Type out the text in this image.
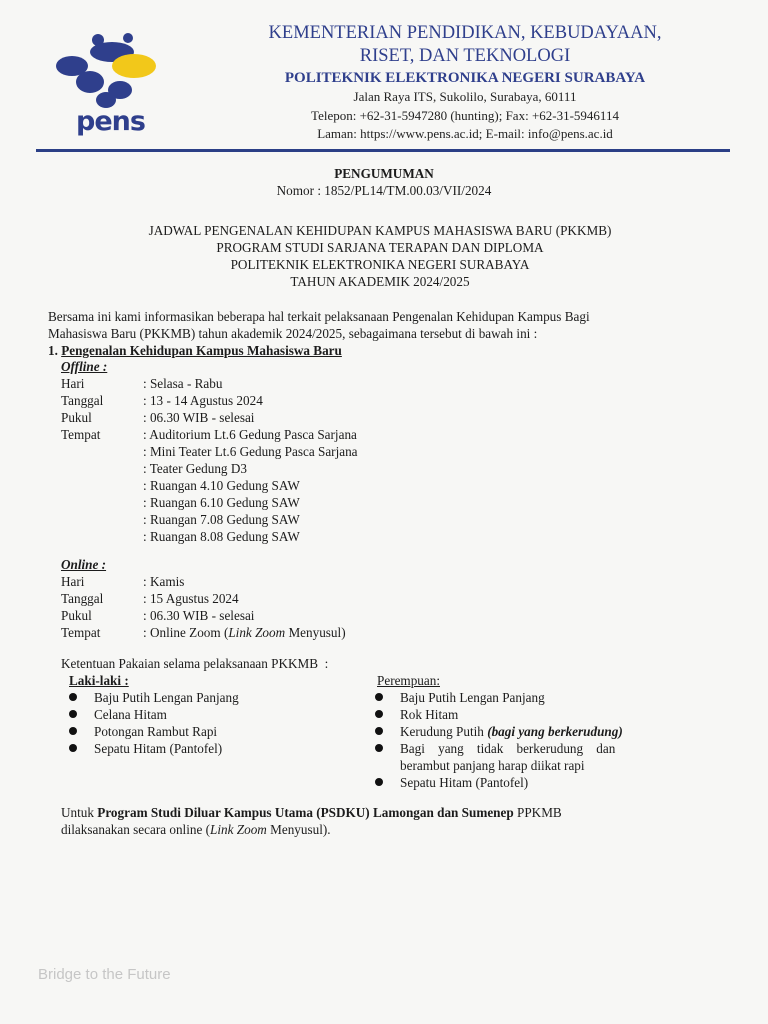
pens
KEMENTERIAN PENDIDIKAN, KEBUDAYAAN,
RISET, DAN TEKNOLOGI
POLITEKNIK ELEKTRONIKA NEGERI SURABAYA
Jalan Raya ITS, Sukolilo, Surabaya, 60111
Telepon: +62-31-5947280 (hunting); Fax: +62-31-5946114
Laman: https://www.pens.ac.id; E-mail: info@pens.ac.id
PENGUMUMAN
Nomor : 1852/PL14/TM.00.03/VII/2024
JADWAL PENGENALAN KEHIDUPAN KAMPUS MAHASISWA BARU (PKKMB)
PROGRAM STUDI SARJANA TERAPAN DAN DIPLOMA
POLITEKNIK ELEKTRONIKA NEGERI SURABAYA
TAHUN AKADEMIK 2024/2025
Bersama ini kami informasikan beberapa hal terkait pelaksanaan Pengenalan Kehidupan Kampus Bagi
Mahasiswa Baru (PKKMB) tahun akademik 2024/2025, sebagaimana tersebut di bawah ini :
1. Pengenalan Kehidupan Kampus Mahasiswa Baru
Offline :
Hari	: Selasa - Rabu
Tanggal	: 13 - 14 Agustus 2024
Pukul	: 06.30 WIB - selesai
Tempat	: Auditorium Lt.6 Gedung Pasca Sarjana
: Mini Teater Lt.6 Gedung Pasca Sarjana
: Teater Gedung D3
: Ruangan 4.10 Gedung SAW
: Ruangan 6.10 Gedung SAW
: Ruangan 7.08 Gedung SAW
: Ruangan 8.08 Gedung SAW
Online :
Hari	: Kamis
Tanggal	: 15 Agustus 2024
Pukul	: 06.30 WIB - selesai
Tempat	: Online Zoom (Link Zoom Menyusul)
Ketentuan Pakaian selama pelaksanaan PKKMB  :
Laki-laki :
Baju Putih Lengan Panjang
Celana Hitam
Potongan Rambut Rapi
Sepatu Hitam (Pantofel)
Perempuan:
Baju Putih Lengan Panjang
Rok Hitam
Kerudung Putih (bagi yang berkerudung)
Bagi    yang    tidak    berkerudung    dan
berambut panjang harap diikat rapi
Sepatu Hitam (Pantofel)
Untuk Program Studi Diluar Kampus Utama (PSDKU) Lamongan dan Sumenep PPKMB
dilaksanakan secara online (Link Zoom Menyusul).
Bridge to the Future
